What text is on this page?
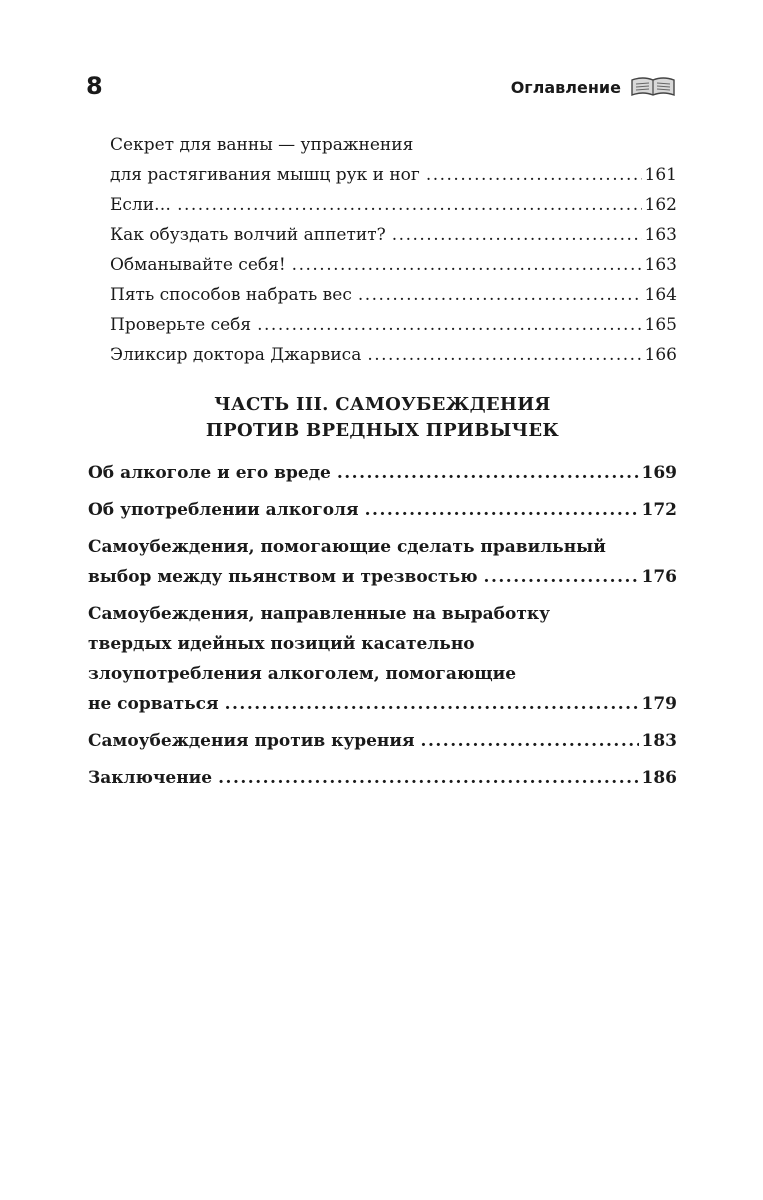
8	Оглавление
Секрет для ванны — упражнения
для растягивания мышц рук и ног .....	161
Если… .....	162
Как обуздать волчий аппетит? .....	163
Обманывайте себя! .....	163
Пять способов набрать вес .....	164
Проверьте себя .....	165
Эликсир доктора Джарвиса .....	166
ЧАСТЬ III. САМОУБЕЖДЕНИЯ
ПРОТИВ ВРЕДНЫХ ПРИВЫЧЕК
Об алкоголе и его вреде .....	169
Об употреблении алкоголя .....	172
Самоубеждения, помогающие сделать правильный
выбор между пьянством и трезвостью .....	176
Самоубеждения, направленные на выработку
твердых идейных позиций касательно
злоупотребления алкоголем, помогающие
не сорваться .....	179
Самоубеждения против курения .....	183
Заключение .....	186
